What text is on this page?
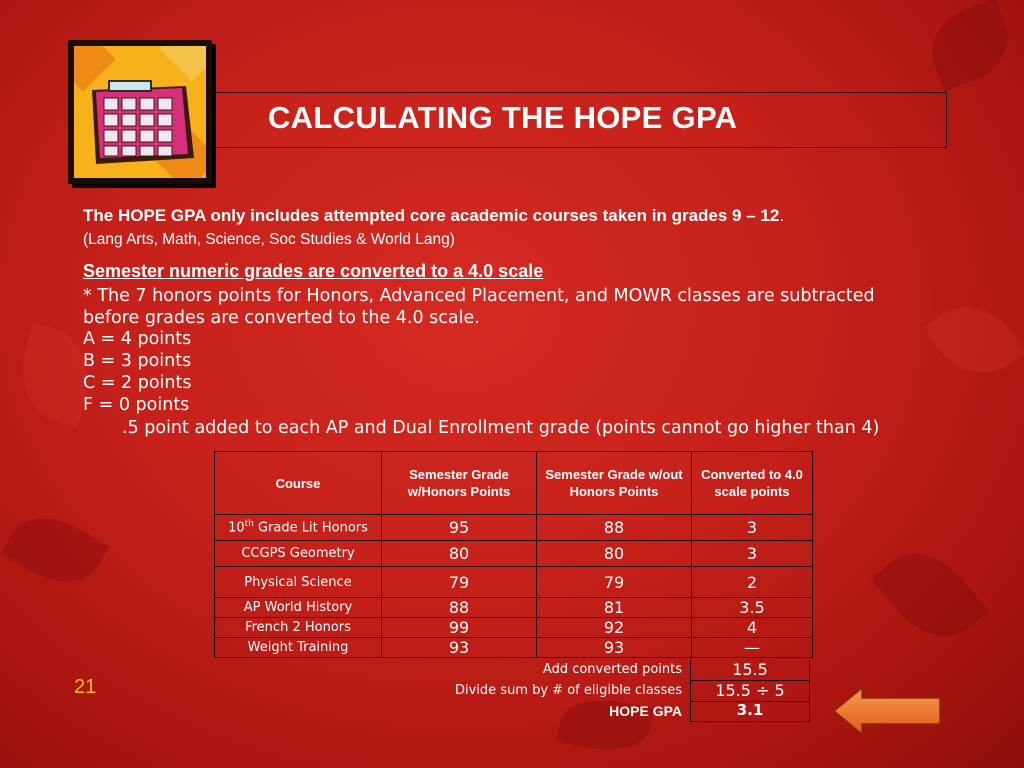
CALCULATING THE HOPE GPA
The HOPE GPA only includes attempted core academic courses taken in grades 9 – 12.
(Lang Arts, Math, Science, Soc Studies & World Lang)
Semester numeric grades are converted to a 4.0 scale
* The 7 honors points for Honors, Advanced Placement, and MOWR classes are subtracted before grades are converted to the 4.0 scale.
A = 4 points
B = 3 points
C = 2 points
F = 0 points
.5 point added to each AP and Dual Enrollment grade (points cannot go higher than 4)
Course	Semester Grade w/Honors Points	Semester Grade w/out Honors Points	Converted to 4.0 scale points
10th Grade Lit Honors	95	88	3
CCGPS Geometry	80	80	3
Physical Science	79	79	2
AP World History	88	81	3.5
French 2 Honors	99	92	4
Weight Training	93	93	—
Add converted points	15.5
Divide sum by # of eligible classes	15.5 ÷ 5
HOPE GPA	3.1
21
